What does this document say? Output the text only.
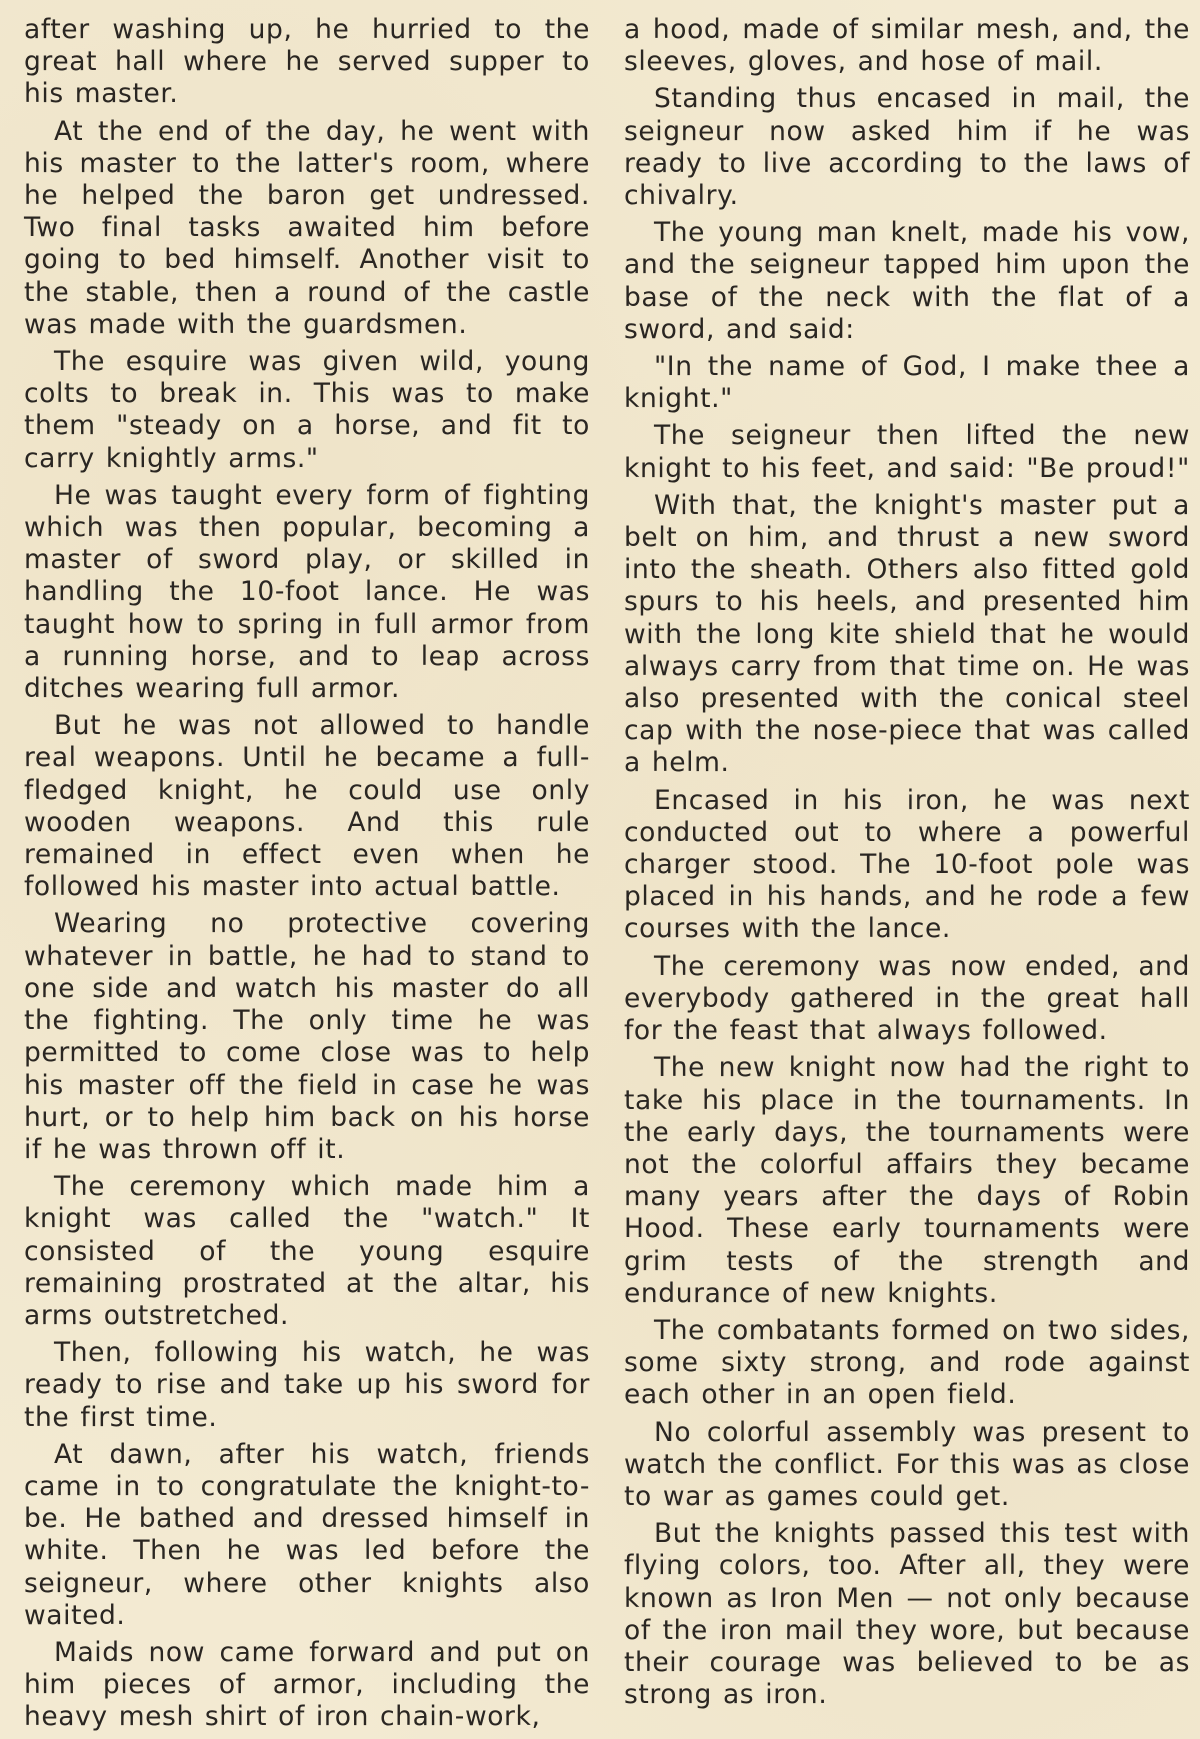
after washing up, he hurried to the great hall where he served supper to his master.

At the end of the day, he went with his master to the latter's room, where he helped the baron get undressed. Two final tasks awaited him before going to bed himself. Another visit to the stable, then a round of the castle was made with the guardsmen.

The esquire was given wild, young colts to break in. This was to make them "steady on a horse, and fit to carry knightly arms."

He was taught every form of fighting which was then popular, becoming a master of sword play, or skilled in handling the 10-foot lance. He was taught how to spring in full armor from a running horse, and to leap across ditches wearing full armor.

But he was not allowed to handle real weapons. Until he became a full-fledged knight, he could use only wooden weapons. And this rule remained in effect even when he followed his master into actual battle.

Wearing no protective covering whatever in battle, he had to stand to one side and watch his master do all the fighting. The only time he was permitted to come close was to help his master off the field in case he was hurt, or to help him back on his horse if he was thrown off it.

The ceremony which made him a knight was called the "watch." It consisted of the young esquire remaining prostrated at the altar, his arms outstretched.

Then, following his watch, he was ready to rise and take up his sword for the first time.

At dawn, after his watch, friends came in to congratulate the knight-to-be. He bathed and dressed himself in white. Then he was led before the seigneur, where other knights also waited.

Maids now came forward and put on him pieces of armor, including the heavy mesh shirt of iron chain-work,

a hood, made of similar mesh, and, the sleeves, gloves, and hose of mail.

Standing thus encased in mail, the seigneur now asked him if he was ready to live according to the laws of chivalry.

The young man knelt, made his vow, and the seigneur tapped him upon the base of the neck with the flat of a sword, and said:

"In the name of God, I make thee a knight."

The seigneur then lifted the new knight to his feet, and said: "Be proud!"

With that, the knight's master put a belt on him, and thrust a new sword into the sheath. Others also fitted gold spurs to his heels, and presented him with the long kite shield that he would always carry from that time on. He was also presented with the conical steel cap with the nose-piece that was called a helm.

Encased in his iron, he was next conducted out to where a powerful charger stood. The 10-foot pole was placed in his hands, and he rode a few courses with the lance.

The ceremony was now ended, and everybody gathered in the great hall for the feast that always followed.

The new knight now had the right to take his place in the tournaments. In the early days, the tournaments were not the colorful affairs they became many years after the days of Robin Hood. These early tournaments were grim tests of the strength and endurance of new knights.

The combatants formed on two sides, some sixty strong, and rode against each other in an open field.

No colorful assembly was present to watch the conflict. For this was as close to war as games could get.

But the knights passed this test with flying colors, too. After all, they were known as Iron Men — not only because of the iron mail they wore, but because their courage was believed to be as strong as iron.
